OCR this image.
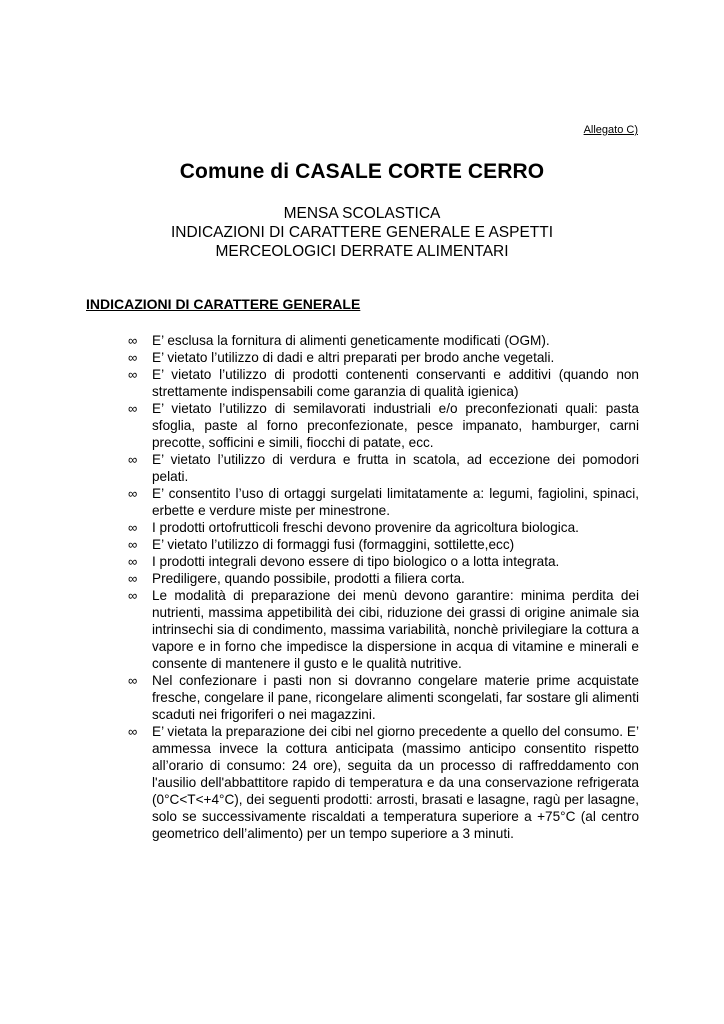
Allegato C)
Comune di CASALE CORTE CERRO
MENSA SCOLASTICA
INDICAZIONI DI CARATTERE GENERALE E ASPETTI
MERCEOLOGICI DERRATE ALIMENTARI
INDICAZIONI DI CARATTERE GENERALE
∞ E’ esclusa la fornitura di alimenti geneticamente modificati (OGM).
∞ E’ vietato l’utilizzo di dadi e altri preparati per brodo anche vegetali.
∞ E’ vietato l’utilizzo di prodotti contenenti conservanti e additivi (quando non strettamente indispensabili come garanzia di qualità igienica)
∞ E’ vietato l’utilizzo di semilavorati industriali e/o preconfezionati quali: pasta sfoglia, paste al forno preconfezionate, pesce impanato, hamburger, carni precotte, sofficini e simili, fiocchi di patate, ecc.
∞ E’ vietato l’utilizzo di verdura e frutta in scatola, ad eccezione dei pomodori pelati.
∞ E’ consentito l’uso di ortaggi surgelati limitatamente a: legumi, fagiolini, spinaci, erbette e verdure miste per minestrone.
∞ I prodotti ortofrutticoli freschi devono provenire da agricoltura biologica.
∞ E’ vietato l’utilizzo di formaggi fusi (formaggini, sottilette,ecc)
∞ I prodotti integrali devono essere di tipo biologico o a lotta integrata.
∞ Prediligere, quando possibile, prodotti a filiera corta.
∞ Le modalità di preparazione dei menù devono garantire: minima perdita dei nutrienti, massima appetibilità dei cibi, riduzione dei grassi di origine animale sia intrinsechi sia di condimento, massima variabilità, nonchè privilegiare la cottura a vapore e in forno che impedisce la dispersione in acqua di vitamine e minerali e consente di mantenere il gusto e le qualità nutritive.
∞ Nel confezionare i pasti non si dovranno congelare materie prime acquistate fresche, congelare il pane, ricongelare alimenti scongelati, far sostare gli alimenti scaduti nei frigoriferi o nei magazzini.
∞ E’ vietata la preparazione dei cibi nel giorno precedente a quello del consumo. E’ ammessa invece la cottura anticipata (massimo anticipo consentito rispetto all’orario di consumo: 24 ore), seguita da un processo di raffreddamento con l'ausilio dell'abbattitore rapido di temperatura e da una conservazione refrigerata (0°C<T<+4°C), dei seguenti prodotti: arrosti, brasati e lasagne, ragù per lasagne, solo se successivamente riscaldati a temperatura superiore a +75°C (al centro geometrico dell’alimento) per un tempo superiore a 3 minuti.
